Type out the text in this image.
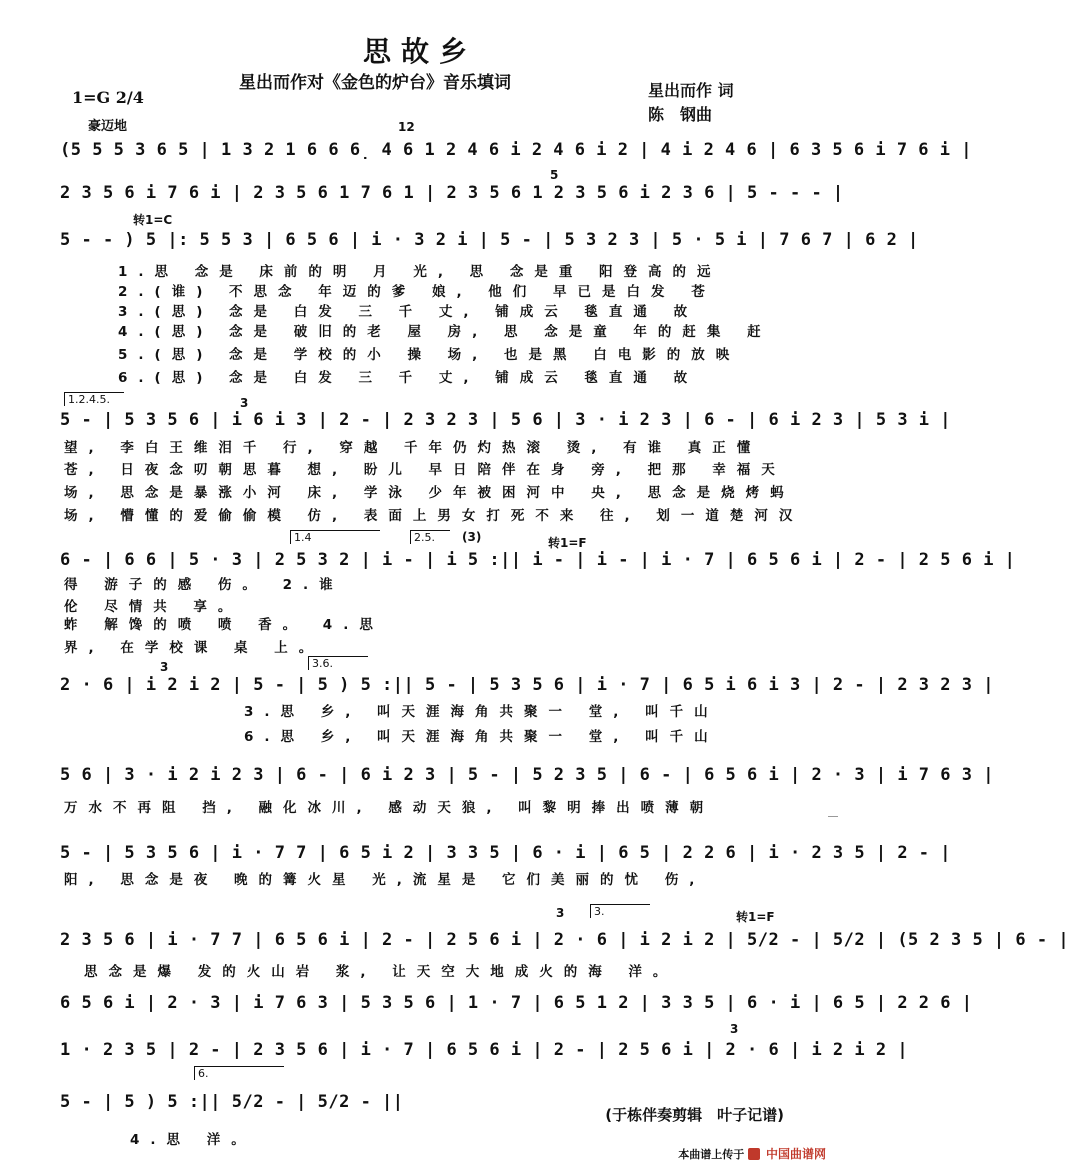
思故乡
星出而作对《金色的炉台》音乐填词	星出而作 词
陈　钢曲
1=G 2/4
豪迈地	12
(5 5 5 3 6 5 | 1 3 2 1 6 6 6̣ 4 6 1 2 4 6 i 2 4 6 i 2 | 4 i 2 4 6 | 6 3 5 6 i 7 6 i |
5
2 3 5 6 i 7 6 i | 2 3 5 6 1 7 6 1 | 2 3 5 6 1 2 3 5 6 i 2 3 6 | 5 - - - |
转1=C
5 - - ) 5 |: 5 5 3 | 6 5 6 | i · 3 2 i | 5 - | 5 3 2 3 | 5 · 5 i | 7 6 7 | 6 2 |
1.思 念是 床前的明 月 光, 思 念是重 阳登高的远
2.(谁) 不思念 年迈的爹 娘, 他们 早已是白发 苍
3.(思) 念是 白发 三 千 丈, 铺成云 毯直通 故
4.(思) 念是 破旧的老 屋 房, 思 念是童 年的赶集 赶
5.(思) 念是 学校的小 操 场, 也是黑 白电影的放映
6.(思) 念是 白发 三 千 丈, 铺成云 毯直通 故
1.2.4.5.	3
5 - | 5 3 5 6 | i 6 i 3 | 2 - | 2 3 2 3 | 5 6 | 3 · i 2 3 | 6 - | 6 i 2 3 | 5 3 i |
望, 李白王维泪千 行, 穿越 千年仍灼热滚 烫, 有谁 真正懂
苍, 日夜念叨朝思暮 想, 盼儿 早日陪伴在身 旁, 把那 幸福天
场, 思念是暴涨小河 床, 学泳 少年被困河中 央, 思念是烧烤蚂
场, 懵懂的爱偷偷模 仿, 表面上男女打死不来 往, 划一道楚河汉
1.4	2.5.	(3)	转1=F
6 - | 6 6 | 5 · 3 | 2 5 3 2 | i - | i 5 :|| i - | i - | i · 7 | 6 5 6 i | 2 - | 2 5 6 i |
得 游子的感 伤。 2.谁
伦 尽情共 享。
蚱 解馋的喷 喷 香。 4.思
界, 在学校课 桌 上。
3	3.6.
2 · 6 | i 2 i 2 | 5 - | 5 ) 5 :|| 5 - | 5 3 5 6 | i · 7 | 6 5 i 6 i 3 | 2 - | 2 3 2 3 |
3.思 乡, 叫天涯海角共聚一 堂, 叫千山
6.思 乡, 叫天涯海角共聚一 堂, 叫千山
5 6 | 3 · i 2 i 2 3 | 6 - | 6 i 2 3 | 5 - | 5 2 3 5 | 6 - | 6 5 6 i | 2 · 3 | i 7 6 3 |
万水不再阻 挡, 融化冰川, 感动天狼, 叫黎明捧出喷薄朝
5 - | 5 3 5 6 | i · 7 7 | 6 5 i 2 | 3 3 5 | 6 · i | 6 5 | 2 2 6 | i · 2 3 5 | 2 - |
阳, 思念是夜 晚的篝火星 光,流星是 它们美丽的忧 伤,
3	3.	转1=F
2 3 5 6 | i · 7 7 | 6 5 6 i | 2 - | 2 5 6 i | 2 · 6 | i 2 i 2 | 5/2 - | 5/2 | (5 2 3 5 | 6 - |
思念是爆 发的火山岩 浆, 让天空大地成火的海 洋。
6 5 6 i | 2 · 3 | i 7 6 3 | 5 3 5 6 | 1 · 7 | 6 5 1 2 | 3 3 5 | 6 · i | 6 5 | 2 2 6 |
3
1 · 2 3 5 | 2 - | 2 3 5 6 | i · 7 | 6 5 6 i | 2 - | 2 5 6 i | 2 · 6 | i 2 i 2 |
6.
5 - | 5 ) 5 :|| 5/2 - | 5/2 - ||
4.思 洋。
(于栋伴奏剪辑　叶子记谱)
本曲谱上传于 中国曲谱网
